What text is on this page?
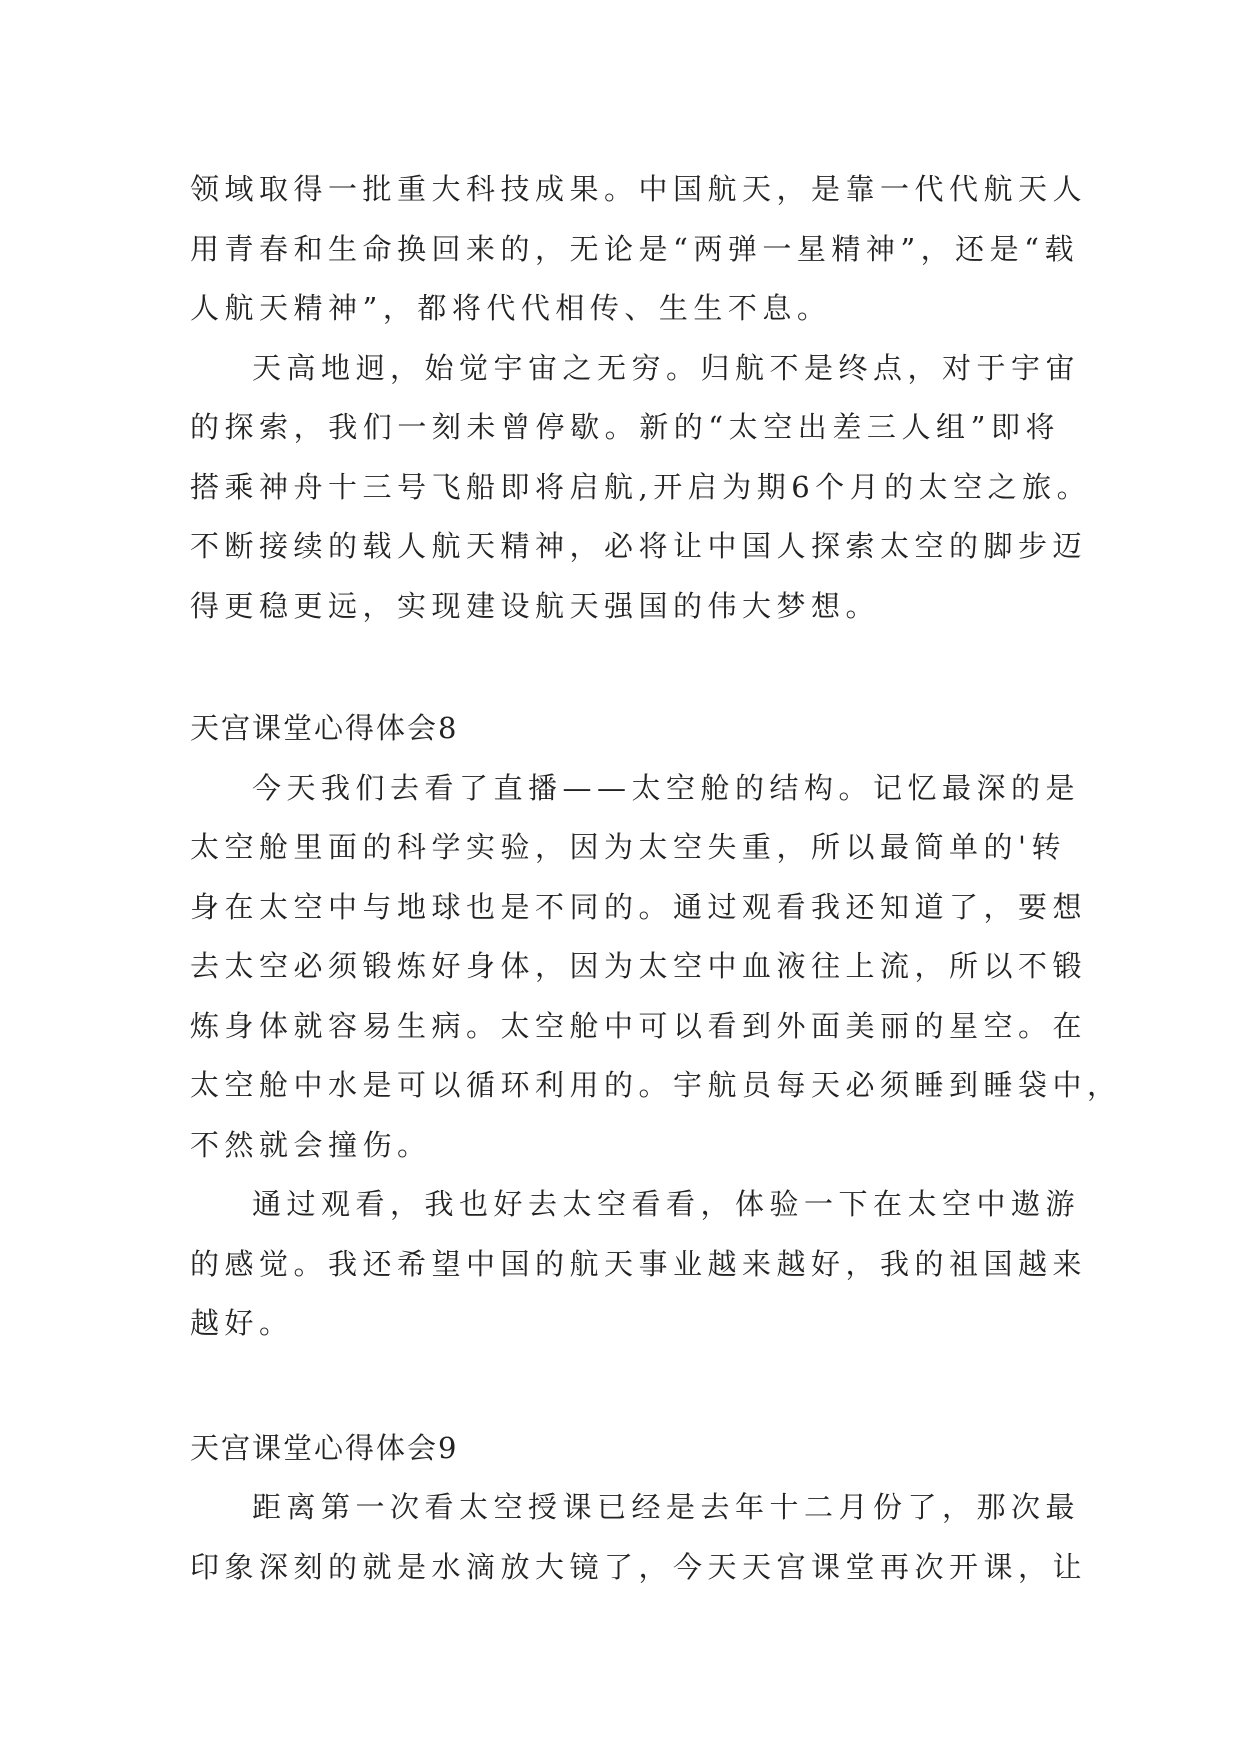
领域取得一批重大科技成果。中国航天，是靠一代代航天人
用青春和生命换回来的，无论是“两弹一星精神”，还是“载
人航天精神”，都将代代相传、生生不息。
天高地迥，始觉宇宙之无穷。归航不是终点，对于宇宙
的探索，我们一刻未曾停歇。新的“太空出差三人组”即将
搭乘神舟十三号飞船即将启航,开启为期6个月的太空之旅。
不断接续的载人航天精神，必将让中国人探索太空的脚步迈
得更稳更远，实现建设航天强国的伟大梦想。
天宫课堂心得体会8
今天我们去看了直播——太空舱的结构。记忆最深的是
太空舱里面的科学实验，因为太空失重，所以最简单的'转
身在太空中与地球也是不同的。通过观看我还知道了，要想
去太空必须锻炼好身体，因为太空中血液往上流，所以不锻
炼身体就容易生病。太空舱中可以看到外面美丽的星空。在
太空舱中水是可以循环利用的。宇航员每天必须睡到睡袋中，
不然就会撞伤。
通过观看，我也好去太空看看，体验一下在太空中遨游
的感觉。我还希望中国的航天事业越来越好，我的祖国越来
越好。
天宫课堂心得体会9
距离第一次看太空授课已经是去年十二月份了，那次最
印象深刻的就是水滴放大镜了，今天天宫课堂再次开课，让
